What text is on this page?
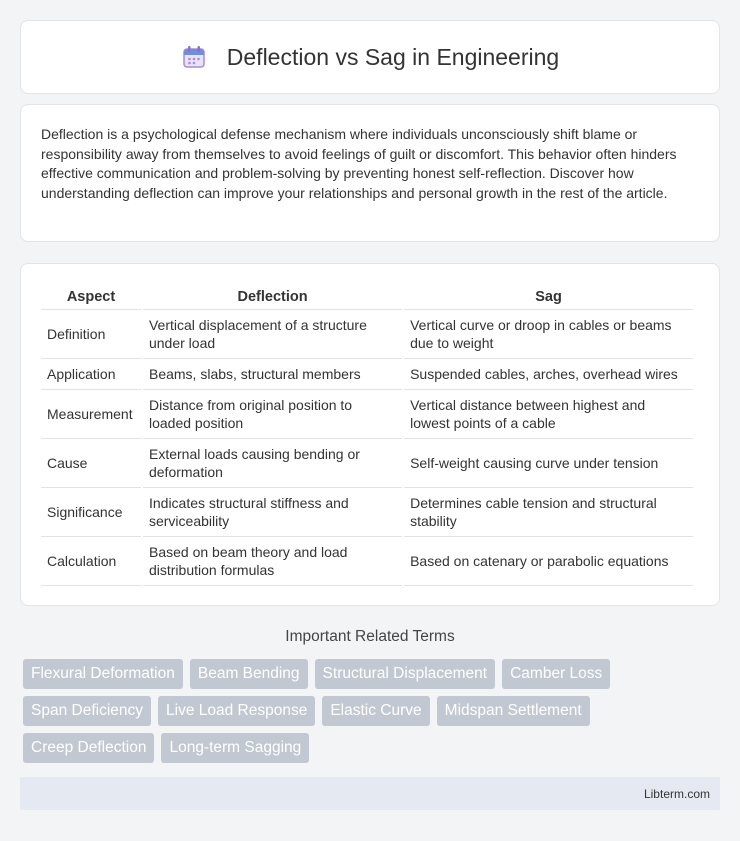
Deflection vs Sag in Engineering

Deflection is a psychological defense mechanism where individuals unconsciously shift blame or responsibility away from themselves to avoid feelings of guilt or discomfort. This behavior often hinders effective communication and problem-solving by preventing honest self-reflection. Discover how understanding deflection can improve your relationships and personal growth in the rest of the article.

Aspect	Deflection	Sag
Definition	Vertical displacement of a structure under load	Vertical curve or droop in cables or beams due to weight
Application	Beams, slabs, structural members	Suspended cables, arches, overhead wires
Measurement	Distance from original position to loaded position	Vertical distance between highest and lowest points of a cable
Cause	External loads causing bending or deformation	Self-weight causing curve under tension
Significance	Indicates structural stiffness and serviceability	Determines cable tension and structural stability
Calculation	Based on beam theory and load distribution formulas	Based on catenary or parabolic equations
Important Related Terms
Flexural Deformation	Beam Bending	Structural Displacement	Camber Loss
Span Deficiency	Live Load Response	Elastic Curve	Midspan Settlement
Creep Deflection	Long-term Sagging
Libterm.com
